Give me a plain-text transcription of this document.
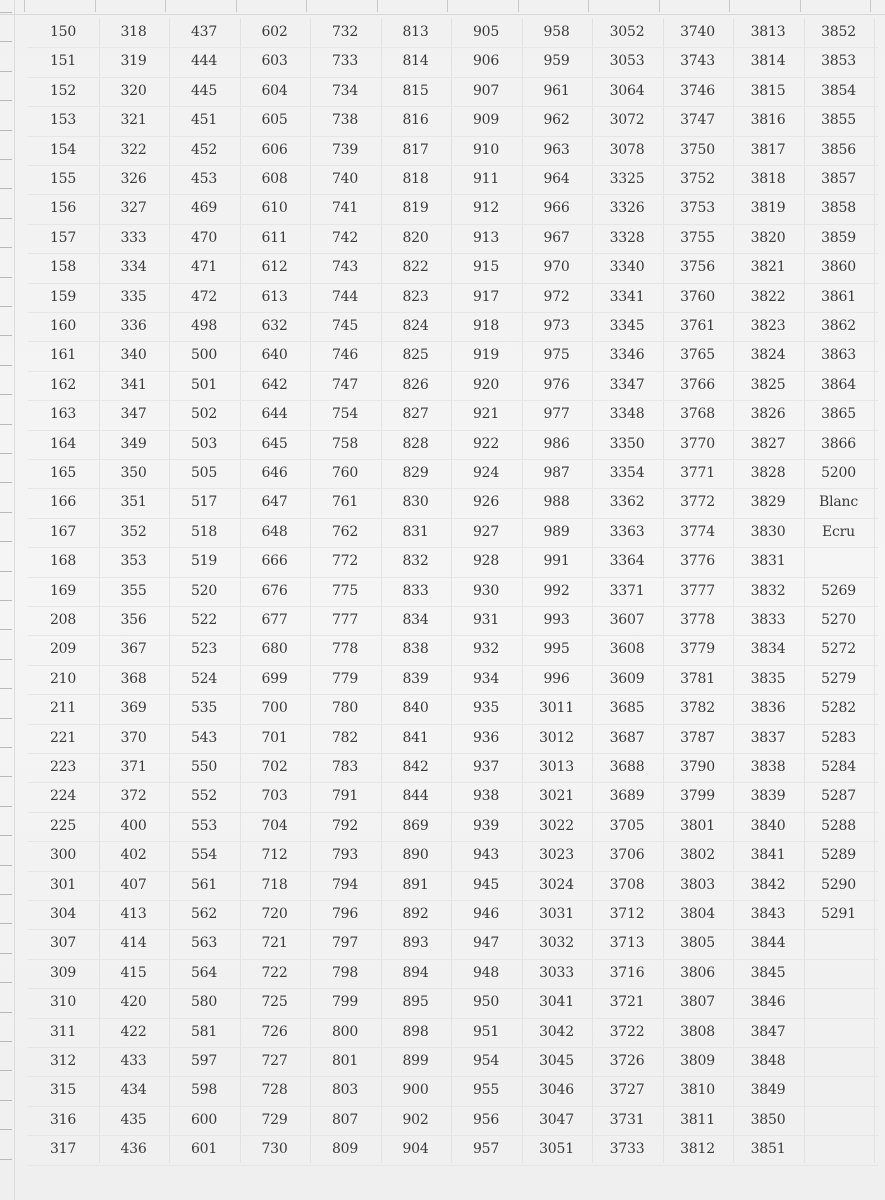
150
151
152
153
154
155
156
157
158
159
160
161
162
163
164
165
166
167
168
169
208
209
210
211
221
223
224
225
300
301
304
307
309
310
311
312
315
316
317
318
319
320
321
322
326
327
333
334
335
336
340
341
347
349
350
351
352
353
355
356
367
368
369
370
371
372
400
402
407
413
414
415
420
422
433
434
435
436
437
444
445
451
452
453
469
470
471
472
498
500
501
502
503
505
517
518
519
520
522
523
524
535
543
550
552
553
554
561
562
563
564
580
581
597
598
600
601
602
603
604
605
606
608
610
611
612
613
632
640
642
644
645
646
647
648
666
676
677
680
699
700
701
702
703
704
712
718
720
721
722
725
726
727
728
729
730
732
733
734
738
739
740
741
742
743
744
745
746
747
754
758
760
761
762
772
775
777
778
779
780
782
783
791
792
793
794
796
797
798
799
800
801
803
807
809
813
814
815
816
817
818
819
820
822
823
824
825
826
827
828
829
830
831
832
833
834
838
839
840
841
842
844
869
890
891
892
893
894
895
898
899
900
902
904
905
906
907
909
910
911
912
913
915
917
918
919
920
921
922
924
926
927
928
930
931
932
934
935
936
937
938
939
943
945
946
947
948
950
951
954
955
956
957
958
959
961
962
963
964
966
967
970
972
973
975
976
977
986
987
988
989
991
992
993
995
996
3011
3012
3013
3021
3022
3023
3024
3031
3032
3033
3041
3042
3045
3046
3047
3051
3052
3053
3064
3072
3078
3325
3326
3328
3340
3341
3345
3346
3347
3348
3350
3354
3362
3363
3364
3371
3607
3608
3609
3685
3687
3688
3689
3705
3706
3708
3712
3713
3716
3721
3722
3726
3727
3731
3733
3740
3743
3746
3747
3750
3752
3753
3755
3756
3760
3761
3765
3766
3768
3770
3771
3772
3774
3776
3777
3778
3779
3781
3782
3787
3790
3799
3801
3802
3803
3804
3805
3806
3807
3808
3809
3810
3811
3812
3813
3814
3815
3816
3817
3818
3819
3820
3821
3822
3823
3824
3825
3826
3827
3828
3829
3830
3831
3832
3833
3834
3835
3836
3837
3838
3839
3840
3841
3842
3843
3844
3845
3846
3847
3848
3849
3850
3851
3852
3853
3854
3855
3856
3857
3858
3859
3860
3861
3862
3863
3864
3865
3866
5200
Blanc
Ecru
5269
5270
5272
5279
5282
5283
5284
5287
5288
5289
5290
5291
